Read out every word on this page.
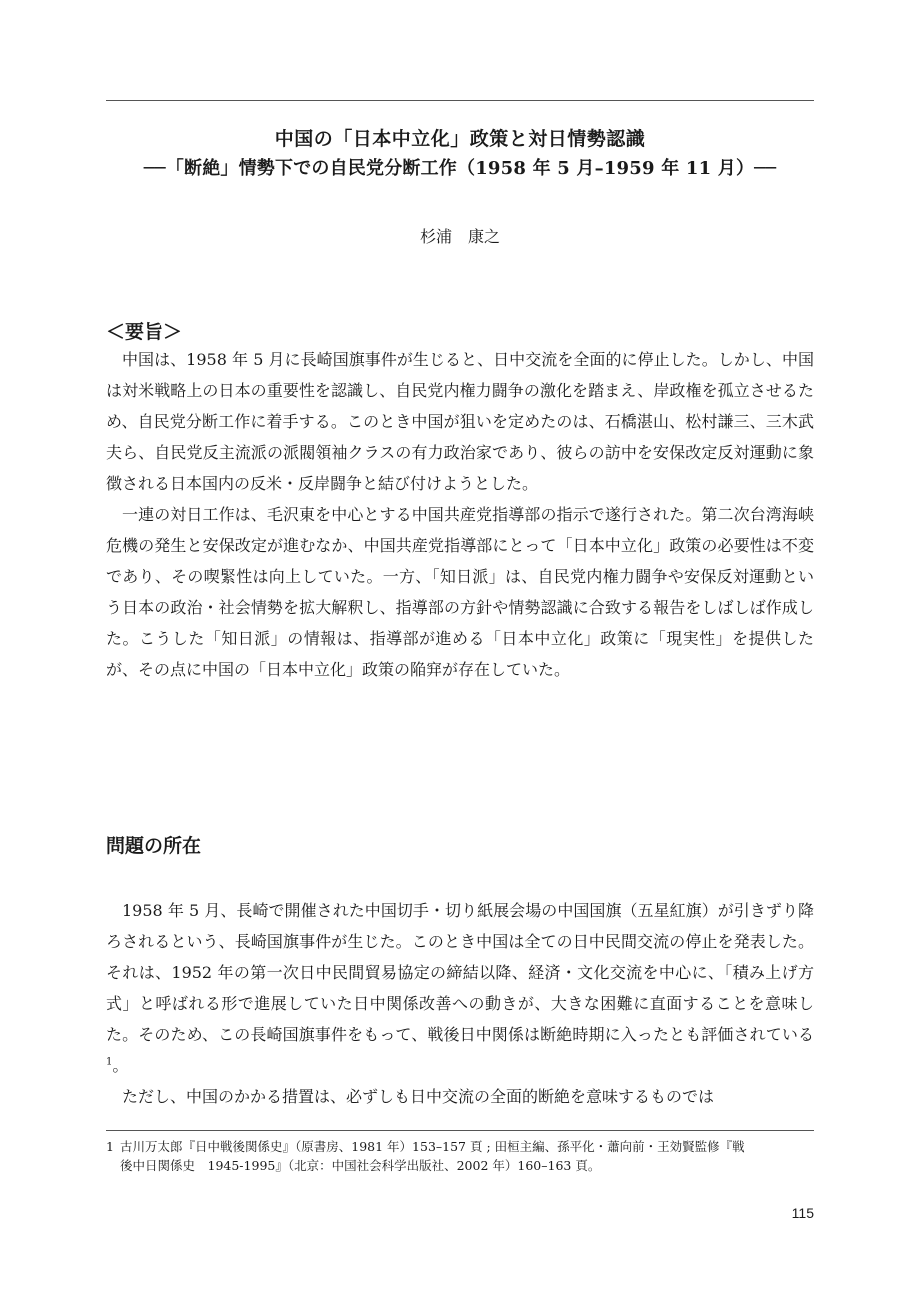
中国の「日本中立化」政策と対日情勢認識
──「断絶」情勢下での自民党分断工作（1958 年 5 月–1959 年 11 月）──
杉浦　康之
＜要旨＞

中国は、1958 年 5 月に長崎国旗事件が生じると、日中交流を全面的に停止した。しかし、中国は対米戦略上の日本の重要性を認識し、自民党内権力闘争の激化を踏まえ、岸政権を孤立させるため、自民党分断工作に着手する。このとき中国が狙いを定めたのは、石橋湛山、松村謙三、三木武夫ら、自民党反主流派の派閥領袖クラスの有力政治家であり、彼らの訪中を安保改定反対運動に象徴される日本国内の反米・反岸闘争と結び付けようとした。

一連の対日工作は、毛沢東を中心とする中国共産党指導部の指示で遂行された。第二次台湾海峡危機の発生と安保改定が進むなか、中国共産党指導部にとって「日本中立化」政策の必要性は不変であり、その喫緊性は向上していた。一方、「知日派」は、自民党内権力闘争や安保反対運動という日本の政治・社会情勢を拡大解釈し、指導部の方針や情勢認識に合致する報告をしばしば作成した。こうした「知日派」の情報は、指導部が進める「日本中立化」政策に「現実性」を提供したが、その点に中国の「日本中立化」政策の陥穽が存在していた。

問題の所在

1958 年 5 月、長崎で開催された中国切手・切り紙展会場の中国国旗（五星紅旗）が引きずり降ろされるという、長崎国旗事件が生じた。このとき中国は全ての日中民間交流の停止を発表した。それは、1952 年の第一次日中民間貿易協定の締結以降、経済・文化交流を中心に、「積み上げ方式」と呼ばれる形で進展していた日中関係改善への動きが、大きな困難に直面することを意味した。そのため、この長崎国旗事件をもって、戦後日中関係は断絶時期に入ったとも評価されている $^1$。

ただし、中国のかかる措置は、必ずしも日中交流の全面的断絶を意味するものでは

1 古川万太郎『日中戦後関係史』（原書房、1981 年）153–157 頁 ; 田桓主編、孫平化・蕭向前・王効賢監修『戦
後中日関係史　1945-1995』（北京：中国社会科学出版社、2002 年）160–163 頁。
115
